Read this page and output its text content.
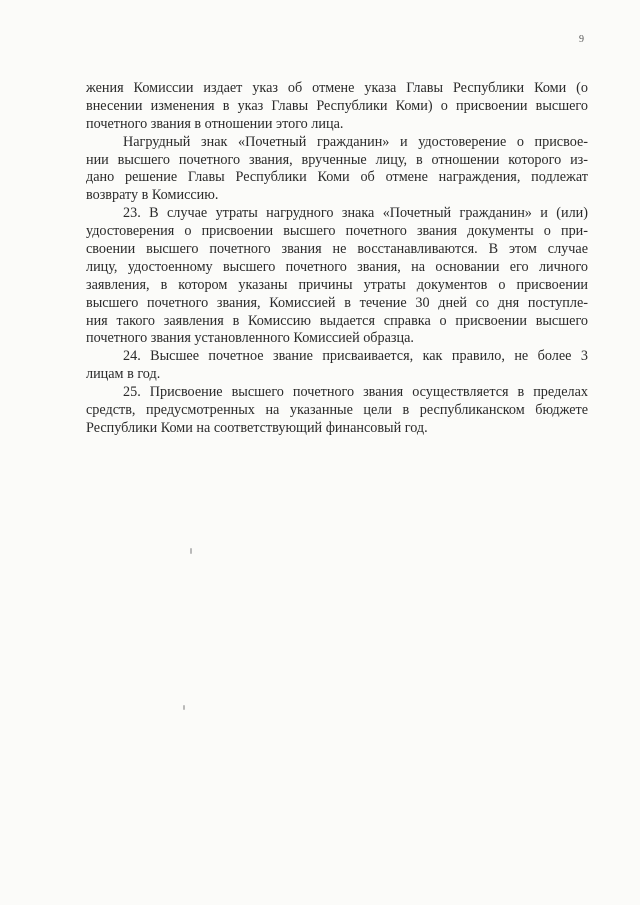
9
жения Комиссии издает указ об отмене указа Главы Республики Коми (о
внесении изменения в указ Главы Республики Коми) о присвоении высшего
почетного звания в отношении этого лица.
Нагрудный знак «Почетный гражданин» и удостоверение о присвое-
нии высшего почетного звания, врученные лицу, в отношении которого из-
дано решение Главы Республики Коми об отмене награждения, подлежат
возврату в Комиссию.
23. В случае утраты нагрудного знака «Почетный гражданин» и (или)
удостоверения о присвоении высшего почетного звания документы о при-
своении высшего почетного звания не восстанавливаются. В этом случае
лицу, удостоенному высшего почетного звания, на основании его личного
заявления, в котором указаны причины утраты документов о присвоении
высшего почетного звания, Комиссией в течение 30 дней со дня поступле-
ния такого заявления в Комиссию выдается справка о присвоении высшего
почетного звания установленного Комиссией образца.
24. Высшее почетное звание присваивается, как правило, не более 3
лицам в год.
25. Присвоение высшего почетного звания осуществляется в пределах
средств, предусмотренных на указанные цели в республиканском бюджете
Республики Коми на соответствующий финансовый год.
